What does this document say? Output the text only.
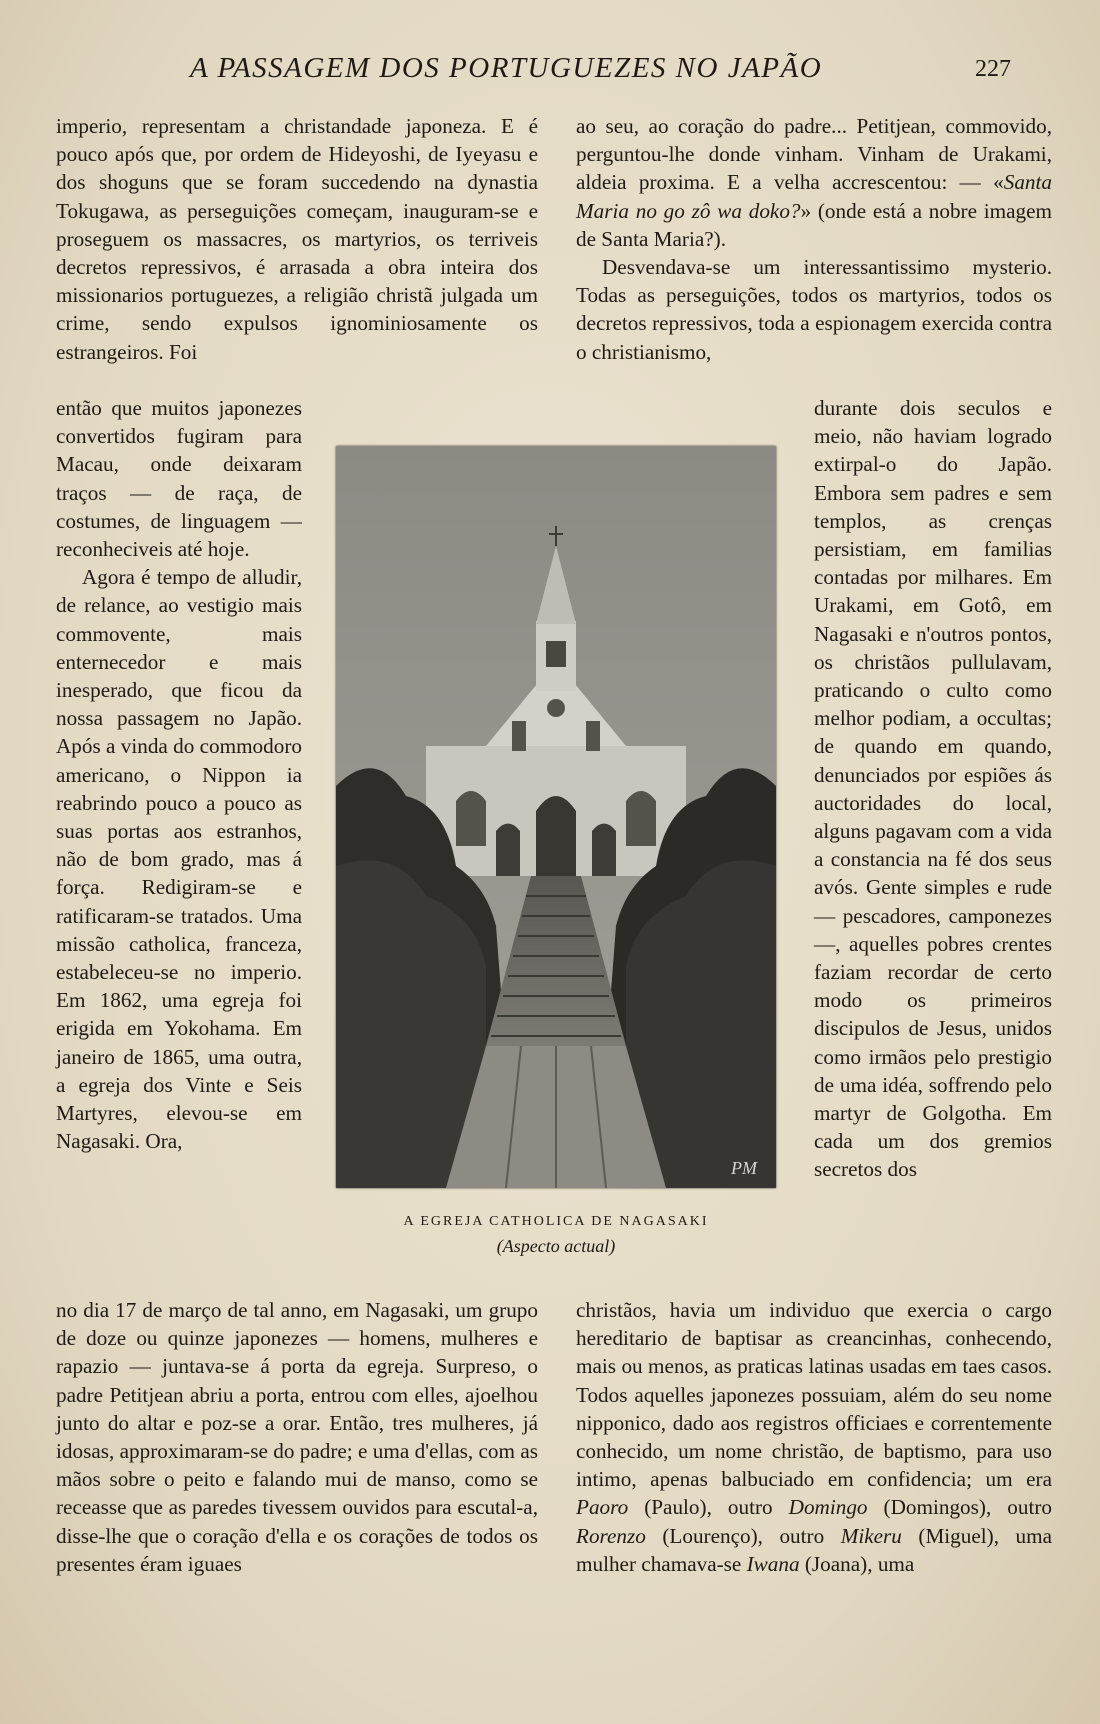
A PASSAGEM DOS PORTUGUEZES NO JAPÃO	227

imperio, representam a christandade japoneza. E é pouco após que, por ordem de Hideyoshi, de Iyeyasu e dos shoguns que se foram succedendo na dynastia Tokugawa, as perseguições começam, inauguram-se e proseguem os massacres, os martyrios, os terriveis decretos repressivos, é arrasada a obra inteira dos missionarios portuguezes, a religião christã julgada um crime, sendo expulsos ignominiosamente os estrangeiros. Foi

então que muitos japonezes convertidos fugiram para Macau, onde deixaram traços — de raça, de costumes, de linguagem — reconheciveis até hoje.

Agora é tempo de alludir, de relance, ao vestigio mais commovente, mais enternecedor e mais inesperado, que ficou da nossa passagem no Japão. Após a vinda do commodoro americano, o Nippon ia reabrindo pouco a pouco as suas portas aos estranhos, não de bom grado, mas á força. Redigiram-se e ratificaram-se tratados. Uma missão catholica, franceza, estabeleceu-se no imperio. Em 1862, uma egreja foi erigida em Yokohama. Em janeiro de 1865, uma outra, a egreja dos Vinte e Seis Martyres, elevou-se em Nagasaki. Ora,

ao seu, ao coração do padre... Petitjean, commovido, perguntou-lhe donde vinham. Vinham de Urakami, aldeia proxima. E a velha accrescentou: — «Santa Maria no go zô wa doko?» (onde está a nobre imagem de Santa Maria?).

Desvendava-se um interessantissimo mysterio. Todas as perseguições, todos os martyrios, todos os decretos repressivos, toda a espionagem exercida contra o christianismo,

durante dois seculos e meio, não haviam logrado extirpal-o do Japão. Embora sem padres e sem templos, as crenças persistiam, em familias contadas por milhares. Em Urakami, em Gotô, em Nagasaki e n'outros pontos, os christãos pullulavam, praticando o culto como melhor podiam, a occultas; de quando em quando, denunciados por espiões ás auctoridades do local, alguns pagavam com a vida a constancia na fé dos seus avós. Gente simples e rude — pescadores, camponezes —, aquelles pobres crentes faziam recordar de certo modo os primeiros discipulos de Jesus, unidos como irmãos pelo prestigio de uma idéa, soffrendo pelo martyr de Golgotha. Em cada um dos gremios secretos dos

no dia 17 de março de tal anno, em Nagasaki, um grupo de doze ou quinze japonezes — homens, mulheres e rapazio — juntava-se á porta da egreja. Surpreso, o padre Petitjean abriu a porta, entrou com elles, ajoelhou junto do altar e poz-se a orar. Então, tres mulheres, já idosas, approximaram-se do padre; e uma d'ellas, com as mãos sobre o peito e falando mui de manso, como se receasse que as paredes tivessem ouvidos para escutal-a, disse-lhe que o coração d'ella e os corações de todos os presentes éram iguaes

christãos, havia um individuo que exercia o cargo hereditario de baptisar as creancinhas, conhecendo, mais ou menos, as praticas latinas usadas em taes casos. Todos aquelles japonezes possuiam, além do seu nome nipponico, dado aos registros officiaes e correntemente conhecido, um nome christão, de baptismo, para uso intimo, apenas balbuciado em confidencia; um era Paoro (Paulo), outro Domingo (Domingos), outro Rorenzo (Lourenço), outro Mikeru (Miguel), uma mulher chamava-se Iwana (Joana), uma

PM
A EGREJA CATHOLICA DE NAGASAKI
(Aspecto actual)
